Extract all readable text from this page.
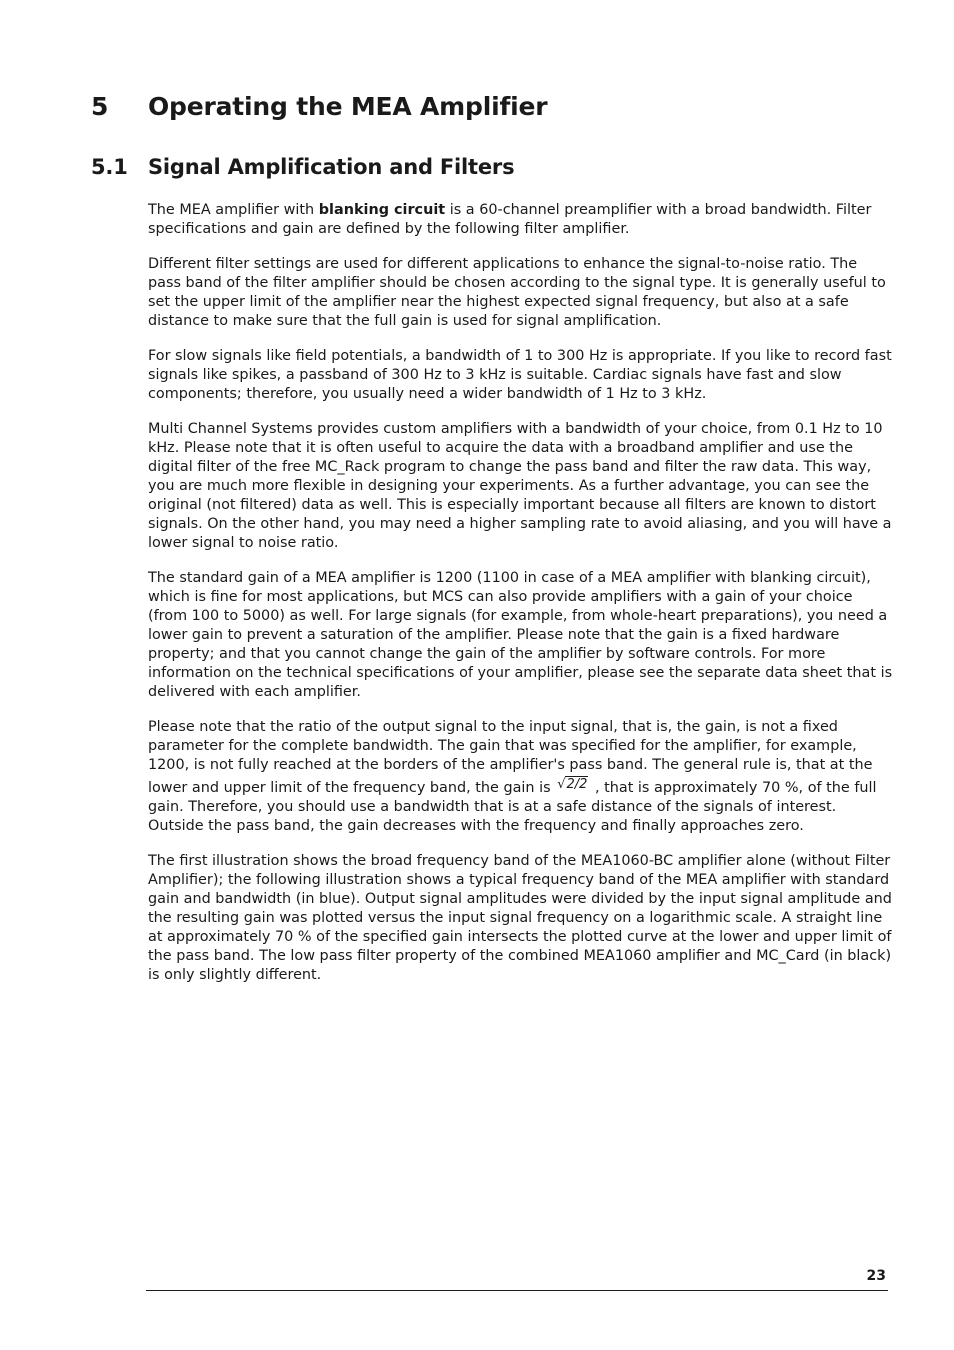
5 Operating the MEA Amplifier
5.1 Signal Amplification and Filters

The MEA amplifier with blanking circuit is a 60-channel preamplifier with a broad bandwidth. Filter specifications and gain are defined by the following filter amplifier.

Different filter settings are used for different applications to enhance the signal-to-noise ratio. The pass band of the filter amplifier should be chosen according to the signal type. It is generally useful to set the upper limit of the amplifier near the highest expected signal frequency, but also at a safe distance to make sure that the full gain is used for signal amplification.

For slow signals like field potentials, a bandwidth of 1 to 300 Hz is appropriate. If you like to record fast signals like spikes, a passband of 300 Hz to 3 kHz is suitable. Cardiac signals have fast and slow components; therefore, you usually need a wider bandwidth of 1 Hz to 3 kHz.

Multi Channel Systems provides custom amplifiers with a bandwidth of your choice, from 0.1 Hz to 10 kHz. Please note that it is often useful to acquire the data with a broadband amplifier and use the digital filter of the free MC_Rack program to change the pass band and filter the raw data. This way, you are much more flexible in designing your experiments. As a further advantage, you can see the original (not filtered) data as well. This is especially important because all filters are known to distort signals. On the other hand, you may need a higher sampling rate to avoid aliasing, and you will have a lower signal to noise ratio.

The standard gain of a MEA amplifier is 1200 (1100 in case of a MEA amplifier with blanking circuit), which is fine for most applications, but MCS can also provide amplifiers with a gain of your choice (from 100 to 5000) as well. For large signals (for example, from whole-heart preparations), you need a lower gain to prevent a saturation of the amplifier. Please note that the gain is a fixed hardware property; and that you cannot change the gain of the amplifier by software controls. For more information on the technical specifications of your amplifier, please see the separate data sheet that is delivered with each amplifier.

Please note that the ratio of the output signal to the input signal, that is, the gain, is not a fixed parameter for the complete bandwidth. The gain that was specified for the amplifier, for example, 1200, is not fully reached at the borders of the amplifier's pass band. The general rule is, that at the lower and upper limit of the frequency band, the gain is √2/2 , that is approximately 70 %, of the full gain. Therefore, you should use a bandwidth that is at a safe distance of the signals of interest. Outside the pass band, the gain decreases with the frequency and finally approaches zero.

The first illustration shows the broad frequency band of the MEA1060-BC amplifier alone (without Filter Amplifier); the following illustration shows a typical frequency band of the MEA amplifier with standard gain and bandwidth (in blue). Output signal amplitudes were divided by the input signal amplitude and the resulting gain was plotted versus the input signal frequency on a logarithmic scale. A straight line at approximately 70 % of the specified gain intersects the plotted curve at the lower and upper limit of the pass band. The low pass filter property of the combined MEA1060 amplifier and MC_Card (in black) is only slightly different.

23
